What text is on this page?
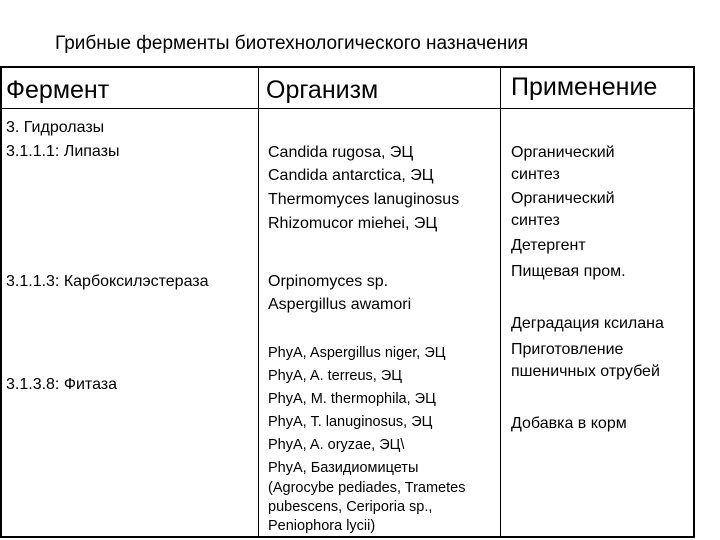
Грибные ферменты биотехнологического назначения
Фермент	Организм	Применение
3. Гидролазы
3.1.1.1: Липазы
3.1.1.3: Карбоксилэстераза
3.1.3.8: Фитаза
Candida rugosa, ЭЦ
Candida antarctica, ЭЦ
Thermomyces lanuginosus
Rhizomucor miehei, ЭЦ
Orpinomyces sp.
Aspergillus awamori
PhyA, Aspergillus niger, ЭЦ
PhyA, A. terreus, ЭЦ
PhyA, M. thermophila, ЭЦ
PhyA, T. lanuginosus, ЭЦ
PhyA, A. oryzae, ЭЦ\
PhyA, Базидиомицеты
(Agrocybe pediades, Trametes
pubescens, Ceriporia sp.,
Peniophora lycii)
Органический
синтез
Органический
синтез
Детергент
Пищевая пром.
Деградация ксилана
Приготовление
пшеничных отрубей
Добавка в корм
